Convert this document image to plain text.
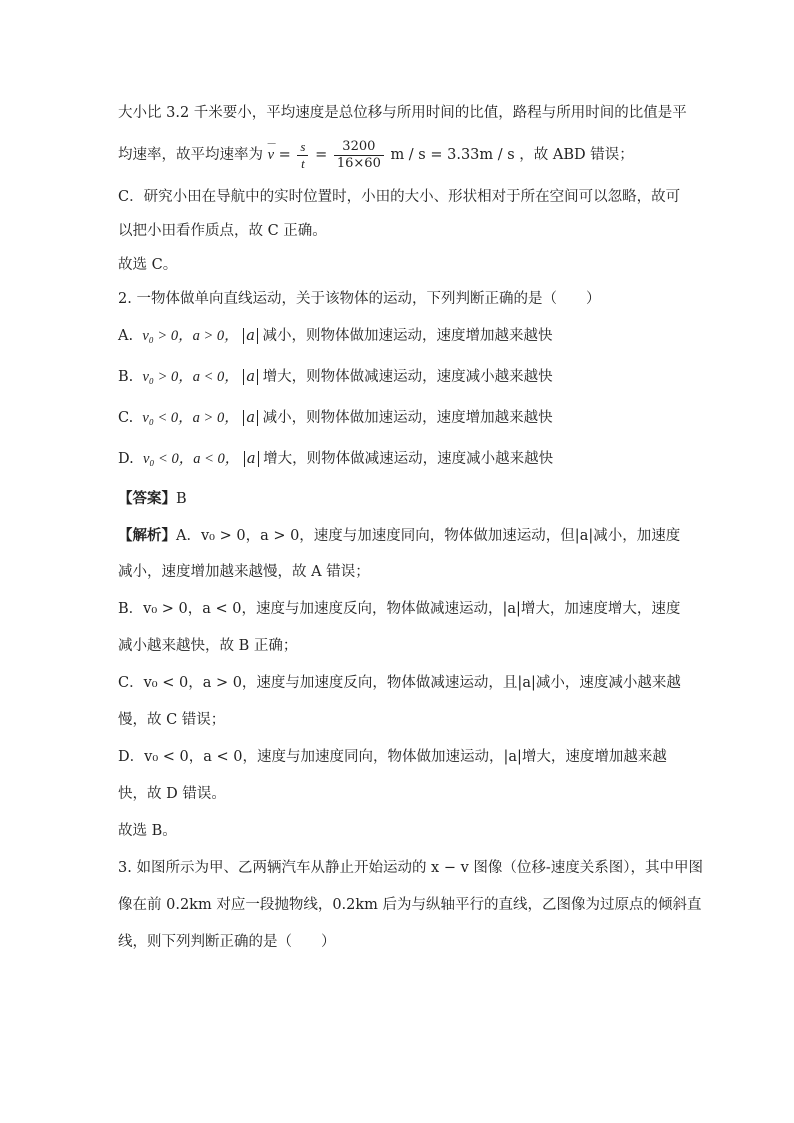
大小比 3.2 千米要小，平均速度是总位移与所用时间的比值，路程与所用时间的比值是平
均速率，故平均速率为 — $v = \frac{s}{t} = \frac{3200}{16\times 60}$ m / s = 3.33m / s ，故 ABD 错误；
C．研究小田在导航中的实时位置时，小田的大小、形状相对于所在空间可以忽略，故可
以把小田看作质点，故 C 正确。
故选 C。
2. 一物体做单向直线运动，关于该物体的运动，下列判断正确的是（　　）
A. v₀ > 0，a > 0， a 减小，则物体做加速运动，速度增加越来越快
B. v₀ > 0，a < 0， a 增大，则物体做减速运动，速度减小越来越快
C. v₀ < 0，a > 0， a 减小，则物体做加速运动，速度增加越来越快
D. v₀ < 0，a < 0， a 增大，则物体做减速运动，速度减小越来越快
【答案】B
【解析】A．v₀ > 0，a > 0，速度与加速度同向，物体做加速运动，但|a|减小，加速度
减小，速度增加越来越慢，故 A 错误；
B．v₀ > 0，a < 0，速度与加速度反向，物体做减速运动，|a|增大，加速度增大，速度
减小越来越快，故 B 正确；
C．v₀ < 0，a > 0，速度与加速度反向，物体做减速运动，且|a|减小，速度减小越来越
慢，故 C 错误；
D．v₀ < 0，a < 0，速度与加速度同向，物体做加速运动，|a|增大，速度增加越来越
快，故 D 错误。
故选 B。
3. 如图所示为甲、乙两辆汽车从静止开始运动的 x − v 图像（位移-速度关系图），其中甲图
像在前 0.2km 对应一段抛物线，0.2km 后为与纵轴平行的直线，乙图像为过原点的倾斜直
线，则下列判断正确的是（　　）
